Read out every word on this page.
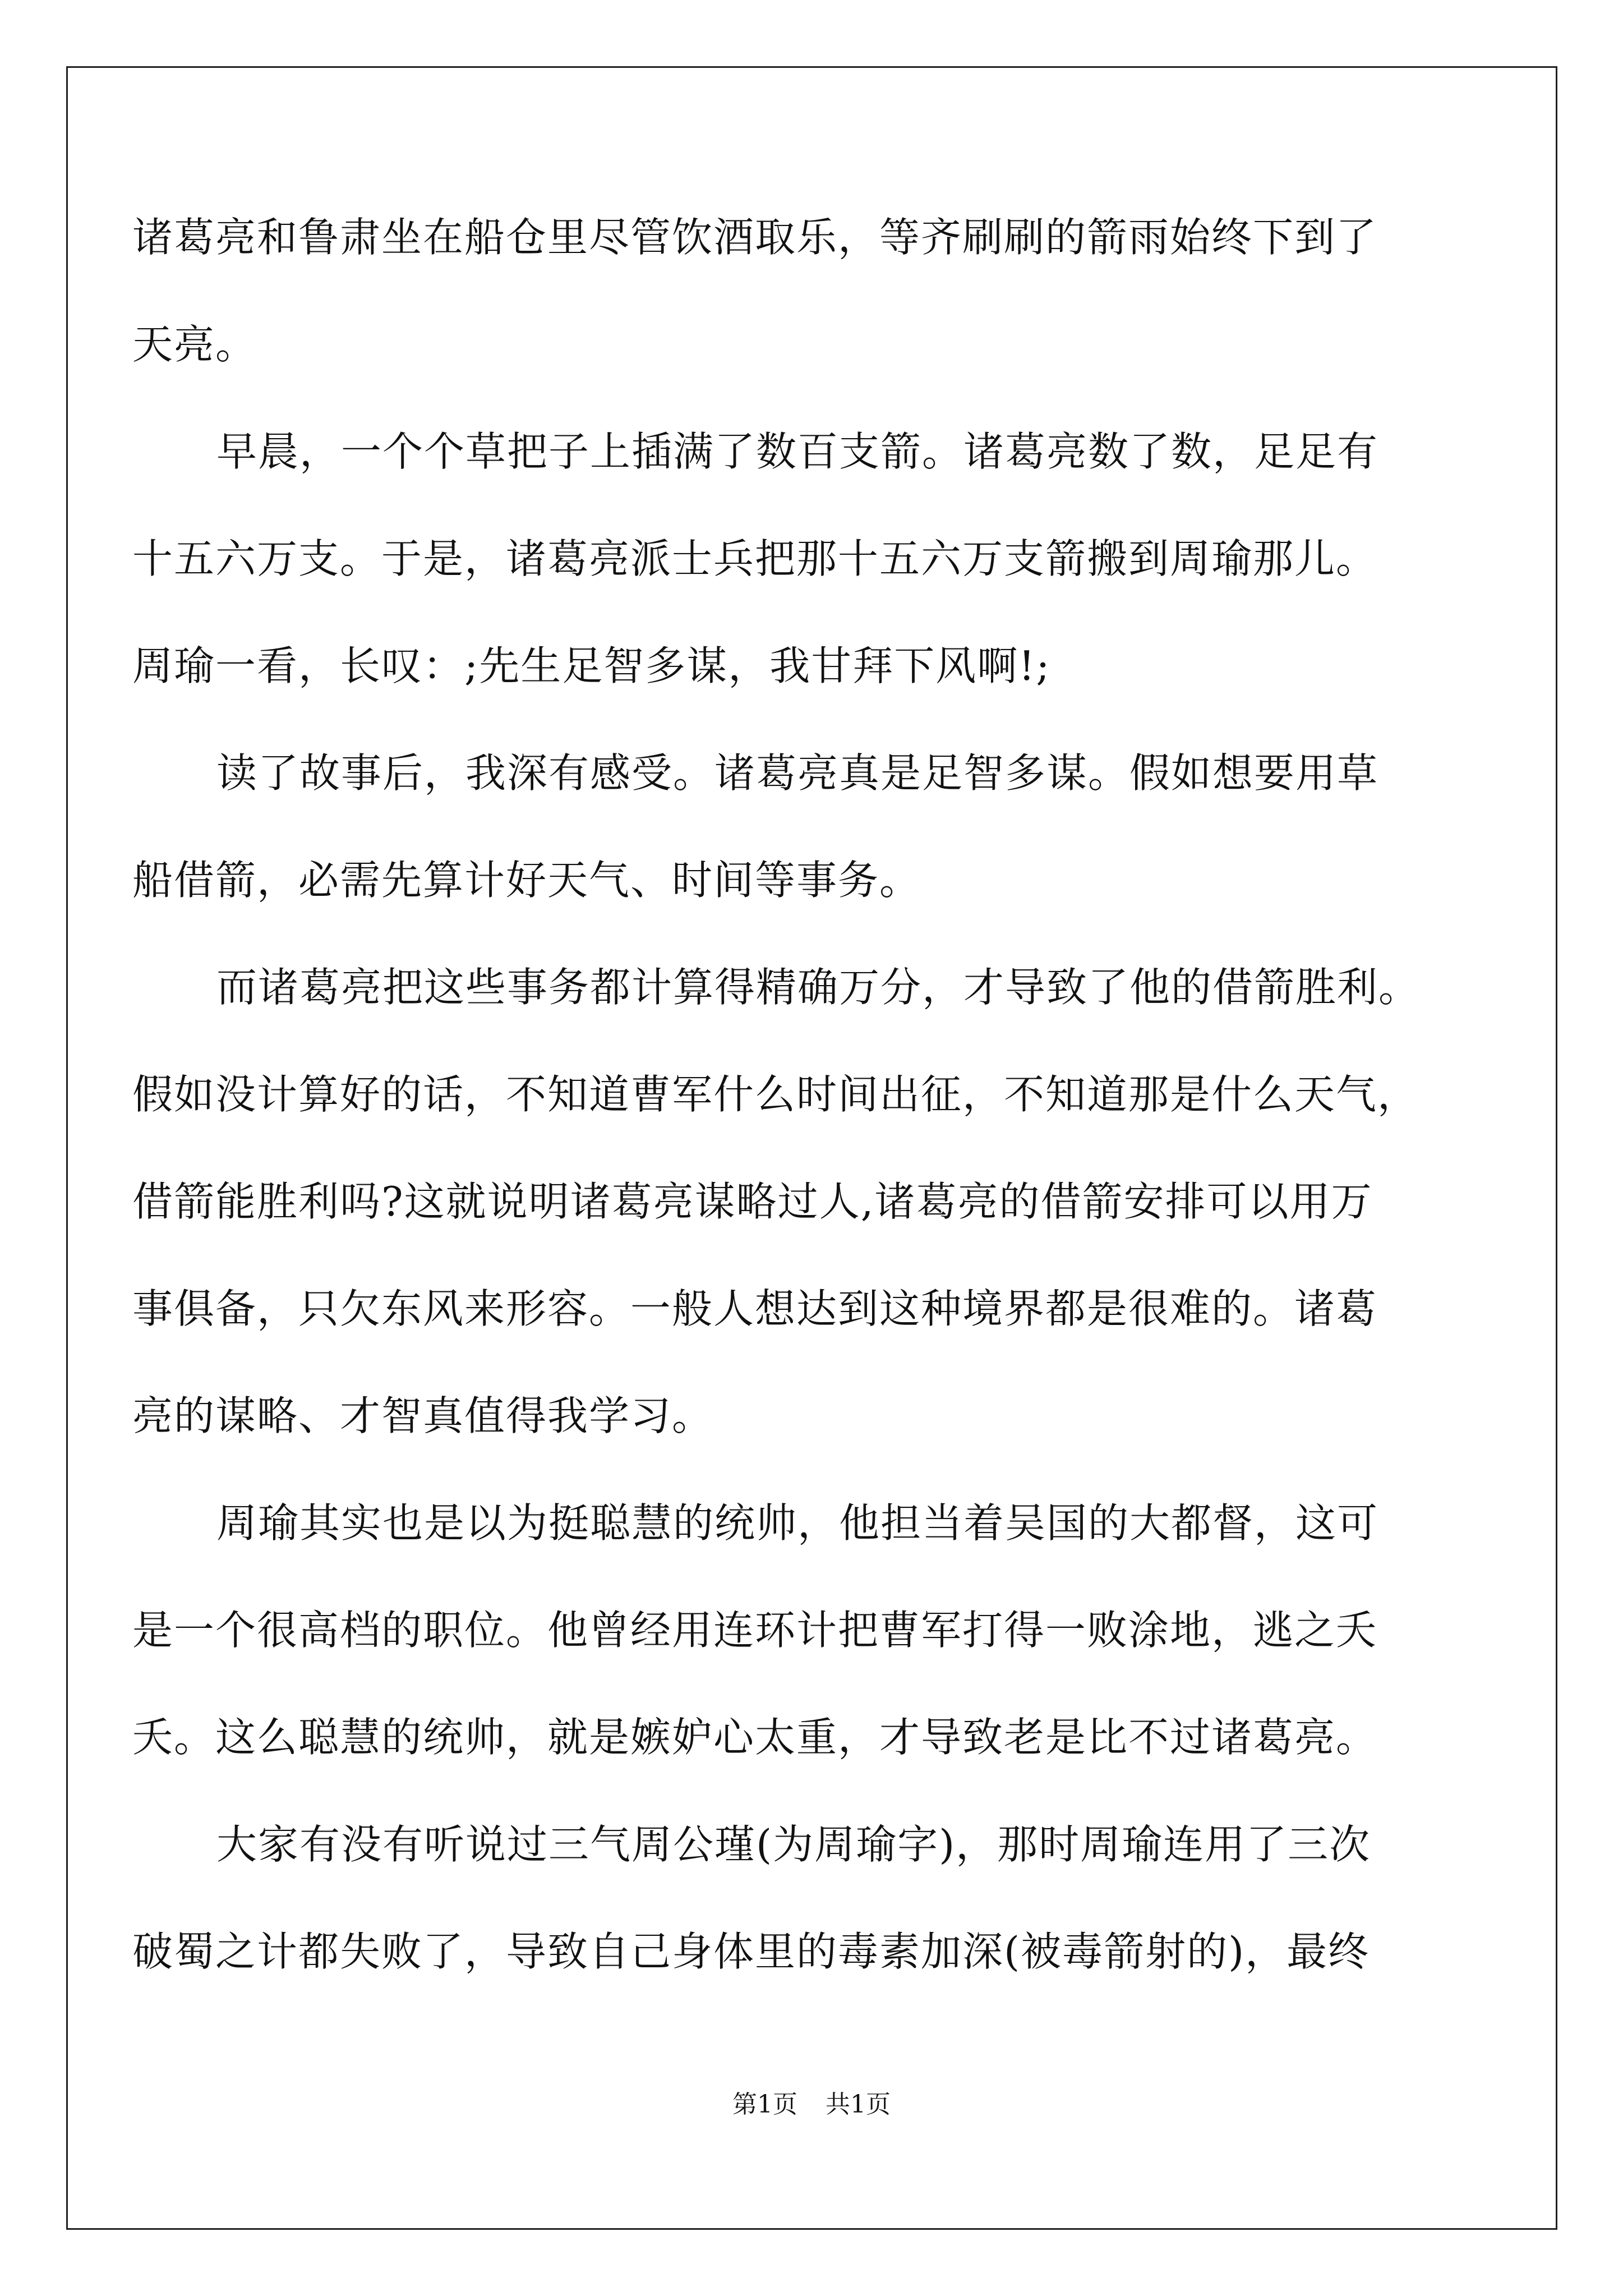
诸葛亮和鲁肃坐在船仓里尽管饮酒取乐，等齐刷刷的箭雨始终下到了
天亮。
早晨，一个个草把子上插满了数百支箭。诸葛亮数了数，足足有
十五六万支。于是，诸葛亮派士兵把那十五六万支箭搬到周瑜那儿。
周瑜一看，长叹：;先生足智多谋，我甘拜下风啊!;
读了故事后，我深有感受。诸葛亮真是足智多谋。假如想要用草
船借箭，必需先算计好天气、时间等事务。
而诸葛亮把这些事务都计算得精确万分，才导致了他的借箭胜利。
假如没计算好的话，不知道曹军什么时间出征，不知道那是什么天气，
借箭能胜利吗?这就说明诸葛亮谋略过人,诸葛亮的借箭安排可以用万
事俱备，只欠东风来形容。一般人想达到这种境界都是很难的。诸葛
亮的谋略、才智真值得我学习。
周瑜其实也是以为挺聪慧的统帅，他担当着吴国的大都督，这可
是一个很高档的职位。他曾经用连环计把曹军打得一败涂地，逃之夭
夭。这么聪慧的统帅，就是嫉妒心太重，才导致老是比不过诸葛亮。
大家有没有听说过三气周公瑾(为周瑜字)，那时周瑜连用了三次
破蜀之计都失败了，导致自己身体里的毒素加深(被毒箭射的)，最终
第1页 共1页
